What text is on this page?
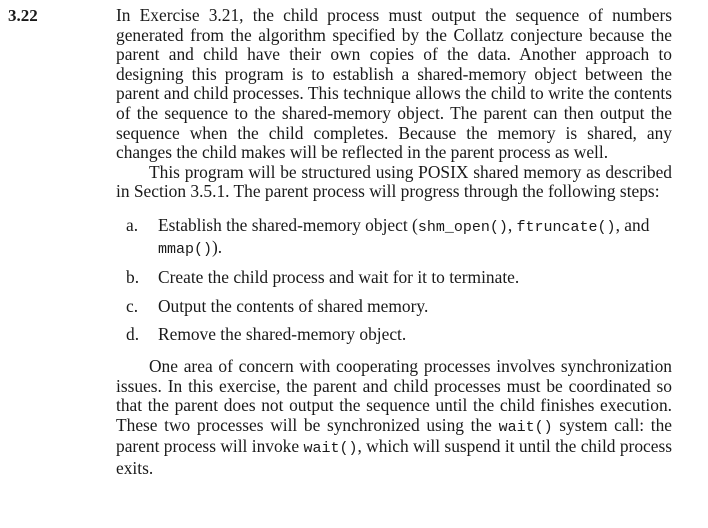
3.22	In Exercise 3.21, the child process must output the sequence of numbers generated from the algorithm specified by the Collatz conjecture because the parent and child have their own copies of the data. Another approach to designing this program is to establish a shared-memory object between the parent and child processes. This technique allows the child to write the contents of the sequence to the shared-memory object. The parent can then output the sequence when the child completes. Because the memory is shared, any changes the child makes will be reflected in the parent process as well.

This program will be structured using POSIX shared memory as described in Section 3.5.1. The parent process will progress through the following steps:

a. Establish the shared-memory object (shm_open(), ftruncate(), and mmap()).
b. Create the child process and wait for it to terminate.
c. Output the contents of shared memory.
d. Remove the shared-memory object.

One area of concern with cooperating processes involves synchronization issues. In this exercise, the parent and child processes must be coordinated so that the parent does not output the sequence until the child finishes execution. These two processes will be synchronized using the wait() system call: the parent process will invoke wait(), which will suspend it until the child process exits.
